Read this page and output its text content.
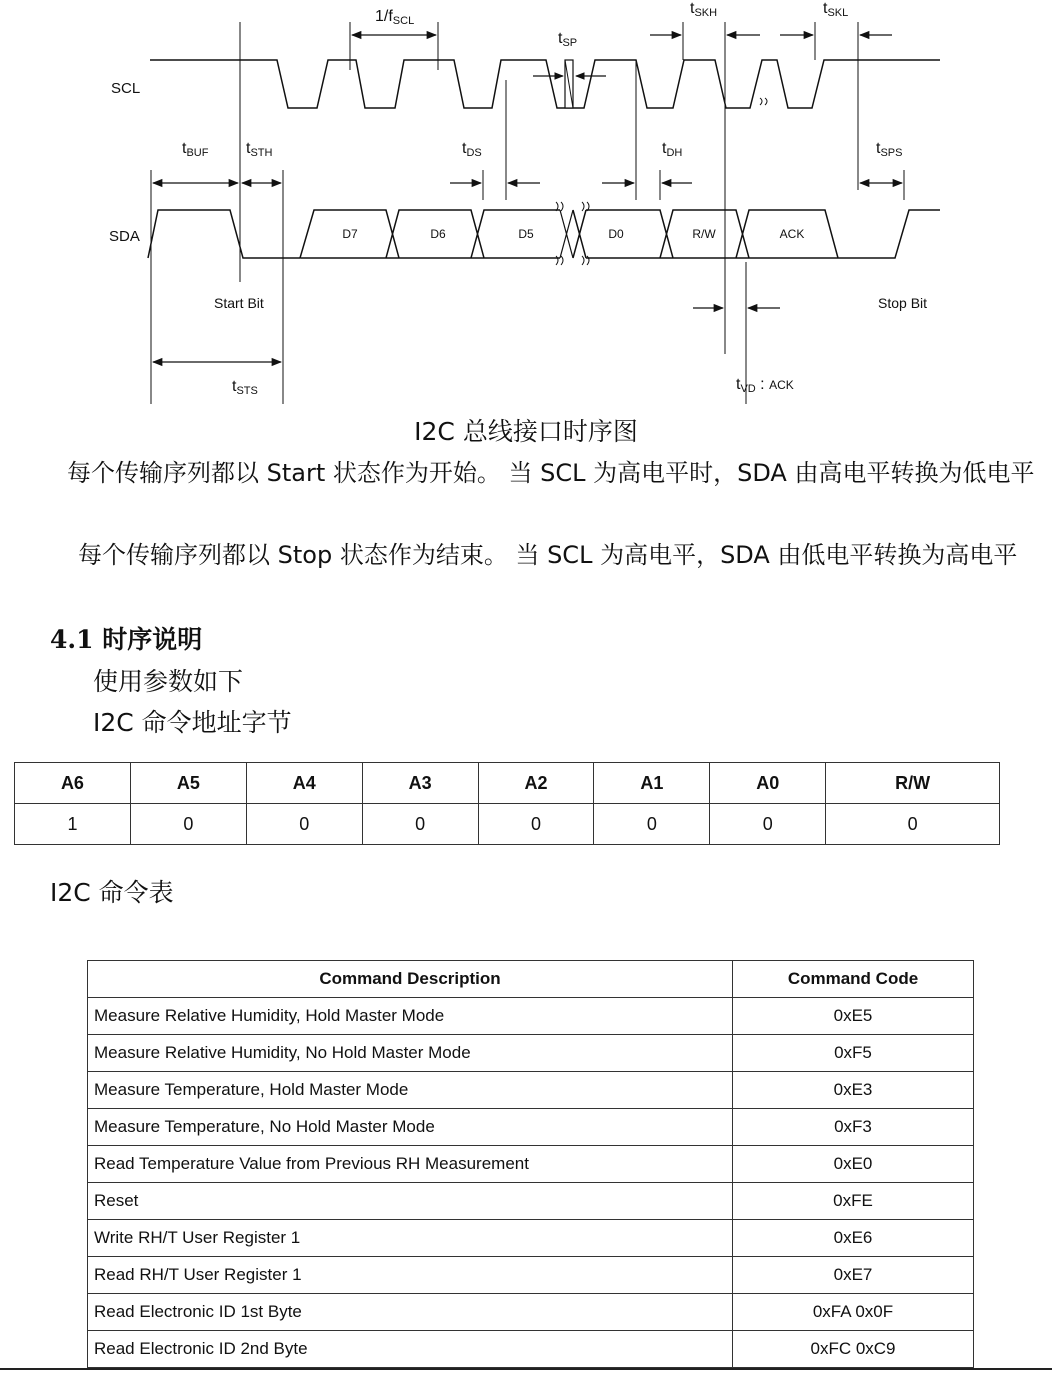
SCL
SDA	D7	D6	D5	D0	R/W	ACK
1/fSCL
tSP
tSKH	tSKL
tBUF tSTH	tDS	tDH	tSPS
tSTS	tVD : ACK
Start Bit	Stop Bit
I2C 总线接口时序图
每个传输序列都以 Start 状态作为开始。 当 SCL 为高电平时，SDA 由高电平转换为低电平
每个传输序列都以 Stop 状态作为结束。 当 SCL 为高电平，SDA 由低电平转换为高电平
4.1 时序说明
使用参数如下
I2C 命令地址字节
A6	A5	A4	A3	A2	A1	A0	R/W
1	0	0	0	0	0	0	0
I2C 命令表
Command Description	Command Code
Measure Relative Humidity, Hold Master Mode	0xE5
Measure Relative Humidity, No Hold Master Mode	0xF5
Measure Temperature, Hold Master Mode	0xE3
Measure Temperature, No Hold Master Mode	0xF3
Read Temperature Value from Previous RH Measurement	0xE0
Reset	0xFE
Write RH/T User Register 1	0xE6
Read RH/T User Register 1	0xE7
Read Electronic ID 1st Byte	0xFA 0x0F
Read Electronic ID 2nd Byte	0xFC 0xC9
